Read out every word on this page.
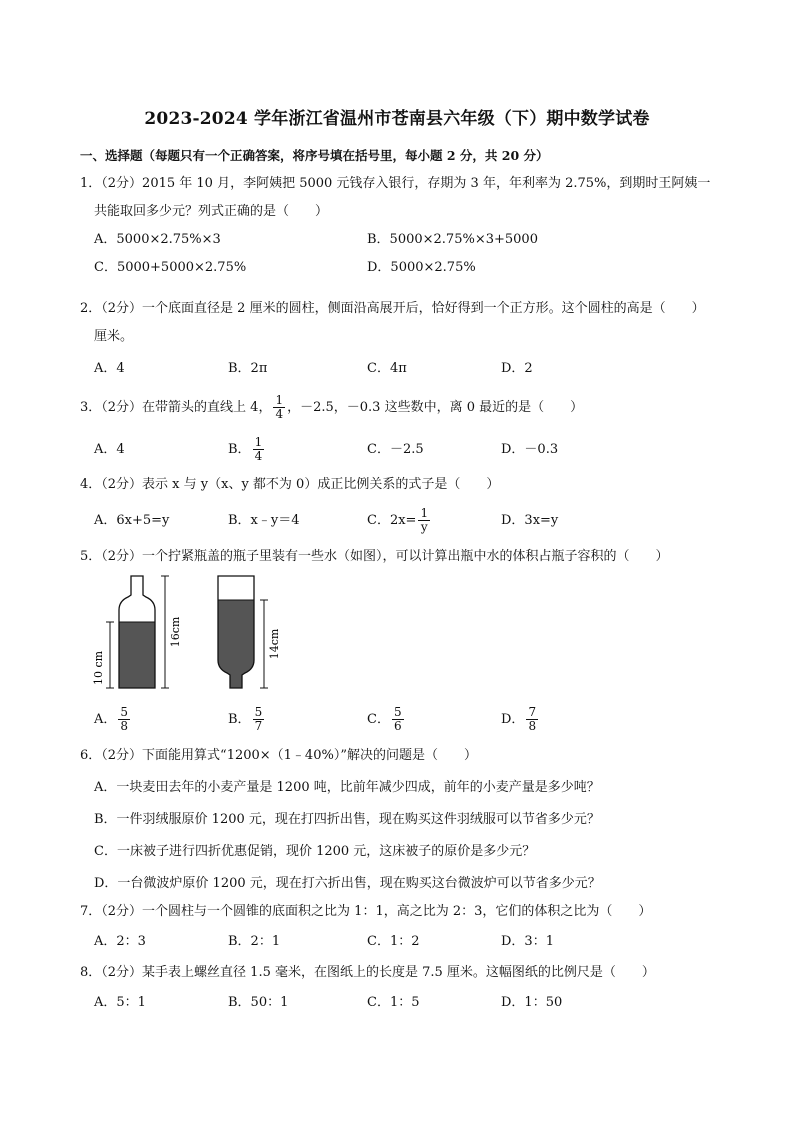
2023-2024 学年浙江省温州市苍南县六年级（下）期中数学试卷
一、选择题（每题只有一个正确答案，将序号填在括号里，每小题 2 分，共 20 分）
1．（2分）2015 年 10 月，李阿姨把 5000 元钱存入银行，存期为 3 年，年利率为 2.75%，到期时王阿姨一
共能取回多少元？列式正确的是（　　）
A．5000×2.75%×3	B．5000×2.75%×3+5000
C．5000+5000×2.75%	D．5000×2.75%
2．（2分）一个底面直径是 2 厘米的圆柱，侧面沿高展开后，恰好得到一个正方形。这个圆柱的高是（　　）
厘米。
A．4	B．2π	C．4π	D．2
3．（2分）在带箭头的直线上 4， $\frac{1}{4}$ ，－2.5，－0.3 这些数中，离 0 最近的是（　　）
A．4	B． $\frac{1}{4}$	C．－2.5	D．－0.3
4．（2分）表示 x 与 y（x、y 都不为 0）成正比例关系的式子是（　　）
A．6x+5=y	B．x﹣y＝4	C．$2x= \frac{1}{y}$	D．3x=y
5．（2分）一个拧紧瓶盖的瓶子里装有一些水（如图），可以计算出瓶中水的体积占瓶子容积的（　　）
10 cm
16cm	14cm
A． $\frac{5}{8}$	B． $\frac{5}{7}$	C． $\frac{5}{6}$	D． $\frac{7}{8}$
6．（2分）下面能用算式“1200×（1﹣40%）”解决的问题是（　　）
A．一块麦田去年的小麦产量是 1200 吨，比前年减少四成，前年的小麦产量是多少吨？
B．一件羽绒服原价 1200 元，现在打四折出售，现在购买这件羽绒服可以节省多少元？
C．一床被子进行四折优惠促销，现价 1200 元，这床被子的原价是多少元？
D．一台微波炉原价 1200 元，现在打六折出售，现在购买这台微波炉可以节省多少元？
7．（2分）一个圆柱与一个圆锥的底面积之比为 1：1，高之比为 2：3，它们的体积之比为（　　）
A．2：3	B．2：1	C．1：2	D．3：1
8．（2分）某手表上螺丝直径 1.5 毫米，在图纸上的长度是 7.5 厘米。这幅图纸的比例尺是（　　）
A．5：1	B．50：1	C．1：5	D．1：50
